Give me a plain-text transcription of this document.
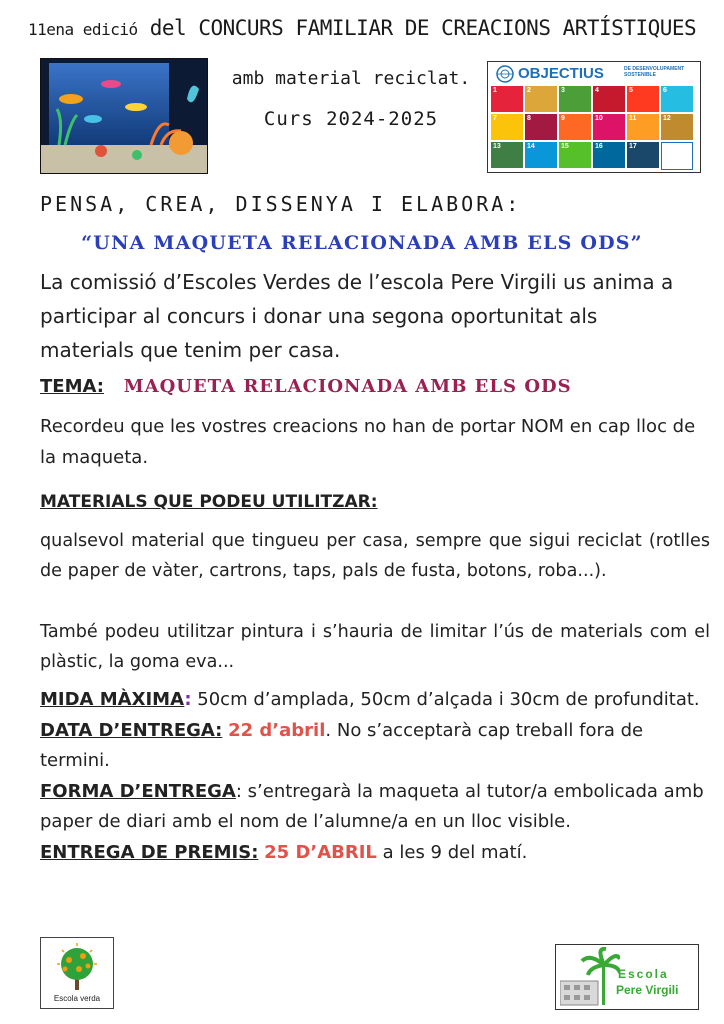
11ena edició del CONCURS FAMILIAR DE CREACIONS ARTÍSTIQUES
amb material reciclat.
Curs 2024-2025
OBJECTIUS	DE DESENVOLUPAMENT
SOSTENIBLE
1	2	3	4	5	6
7	8	9	10	11	12
13	14	15	16	17
PENSA, CREA, DISSENYA I ELABORA:
“UNA MAQUETA RELACIONADA AMB ELS ODS”
La comissió d’Escoles Verdes de l’escola Pere Virgili us anima a participar al concurs i donar una segona oportunitat als materials que tenim per casa.
TEMA: MAQUETA RELACIONADA AMB ELS ODS
Recordeu que les vostres creacions no han de portar NOM en cap lloc de la maqueta.
MATERIALS QUE PODEU UTILITZAR:
qualsevol material que tingueu per casa, sempre que sigui reciclat (rotlles de paper de vàter, cartrons, taps, pals de fusta, botons, roba...).
També podeu utilitzar pintura i s’hauria de limitar l’ús de materials com el plàstic, la goma eva...

MIDA MÀXIMA: 50cm d’amplada, 50cm d’alçada i 30cm de profunditat.

DATA D’ENTREGA: 22 d’abril. No s’acceptarà cap treball fora de termini.

FORMA D’ENTREGA: s’entregarà la maqueta al tutor/a embolicada amb paper de diari amb el nom de l’alumne/a en un lloc visible.

ENTREGA DE PREMIS: 25 D’ABRIL a les 9 del matí.

Escola verda
Escola
Pere Virgili
